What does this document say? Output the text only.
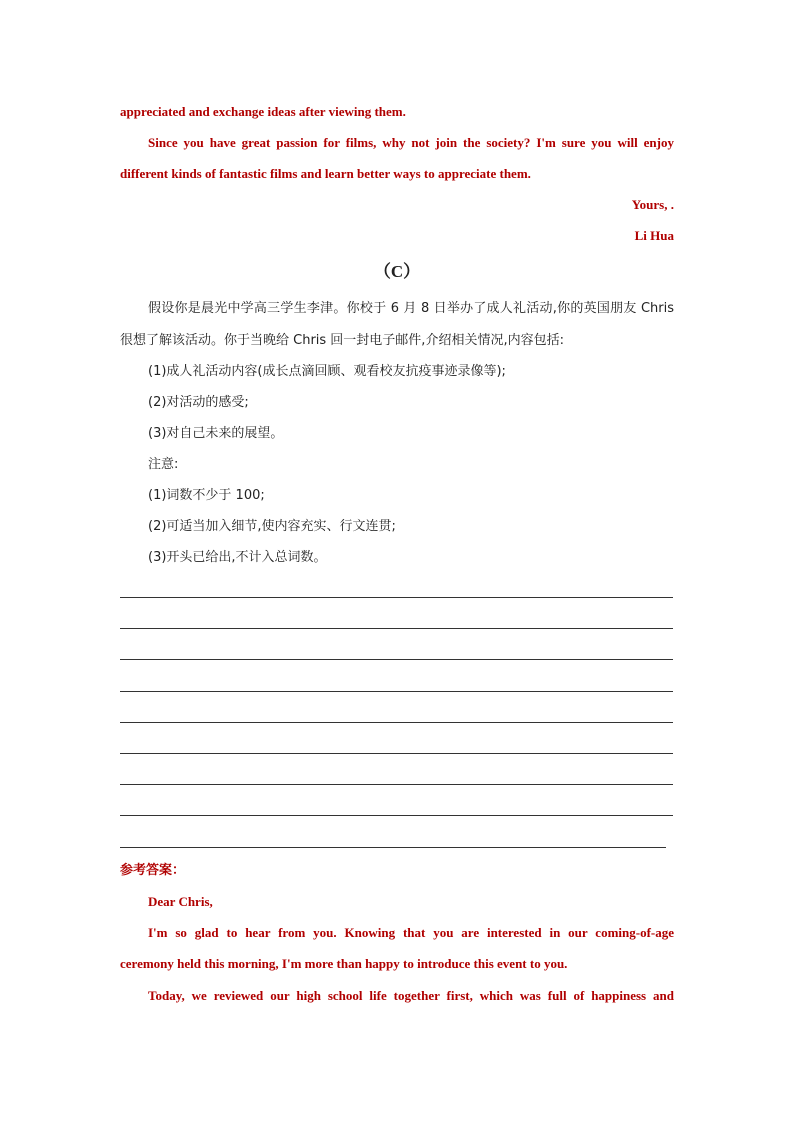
appreciated and exchange ideas after viewing them.
Since you have great passion for films, why not join the society? I'm sure you will enjoy
different kinds of fantastic films and learn better ways to appreciate them.
Yours, .
Li Hua
（C）
假设你是晨光中学高三学生李津。你校于 6 月 8 日举办了成人礼活动,你的英国朋友 Chris
很想了解该活动。你于当晚给 Chris 回一封电子邮件,介绍相关情况,内容包括:
(1)成人礼活动内容(成长点滴回顾、观看校友抗疫事迹录像等);
(2)对活动的感受;
(3)对自己未来的展望。
注意:
(1)词数不少于 100;
(2)可适当加入细节,使内容充实、行文连贯;
(3)开头已给出,不计入总词数。
参考答案：
Dear Chris,
I'm so glad to hear from you. Knowing that you are interested in our coming-of-age
ceremony held this morning, I'm more than happy to introduce this event to you.
Today, we reviewed our high school life together first, which was full of happiness and
